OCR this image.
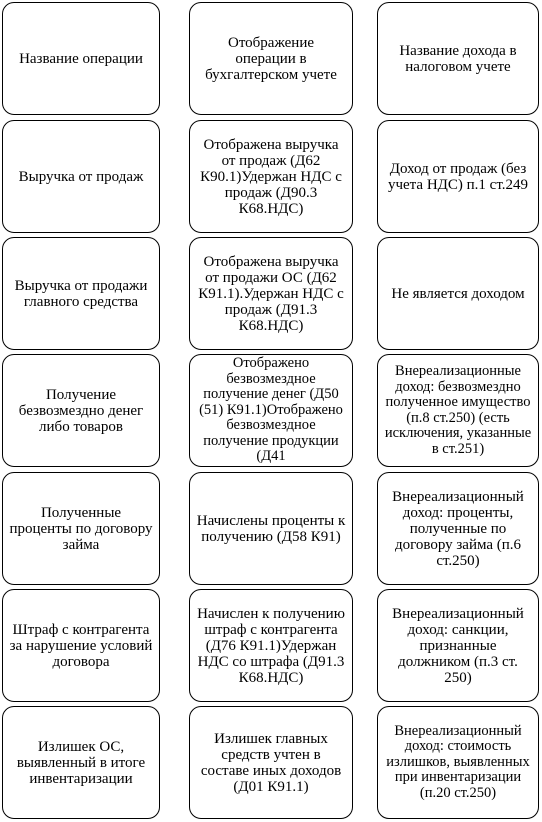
Название операции
Отображение операции в бухгалтерском учете
Название дохода в налоговом учете
Выручка от продаж
Отображена выручка от продаж (Д62 К90.1)Удержан НДС с продаж (Д90.3 К68.НДС)
Доход от продаж (без учета НДС) п.1 ст.249
Выручка от продажи главного средства
Отображена выручка от продажи ОС (Д62 К91.1).Удержан НДС с продаж (Д91.3 К68.НДС)
Не является доходом
Получение безвозмездно денег либо товаров
Отображено безвозмездное получение денег (Д50 (51) К91.1)Отображено безвозмездное получение продукции (Д41
Внереализационные доход: безвозмездно полученное имущество (п.8 ст.250) (есть исключения, указанные в ст.251)
Полученные проценты по договору займа
Начислены проценты к получению (Д58 К91)
Внереализационный доход: проценты, полученные по договору займа (п.6 ст.250)
Штраф с контрагента за нарушение условий договора
Начислен к получению штраф с контрагента (Д76 К91.1)Удержан НДС со штрафа (Д91.3 К68.НДС)
Внереализационный доход: санкции, признанные должником (п.3 ст. 250)
Излишек ОС, выявленный в итоге инвентаризации
Излишек главных средств учтен в составе иных доходов (Д01 К91.1)
Внереализационный доход: стоимость излишков, выявленных при инвентаризации (п.20 ст.250)
